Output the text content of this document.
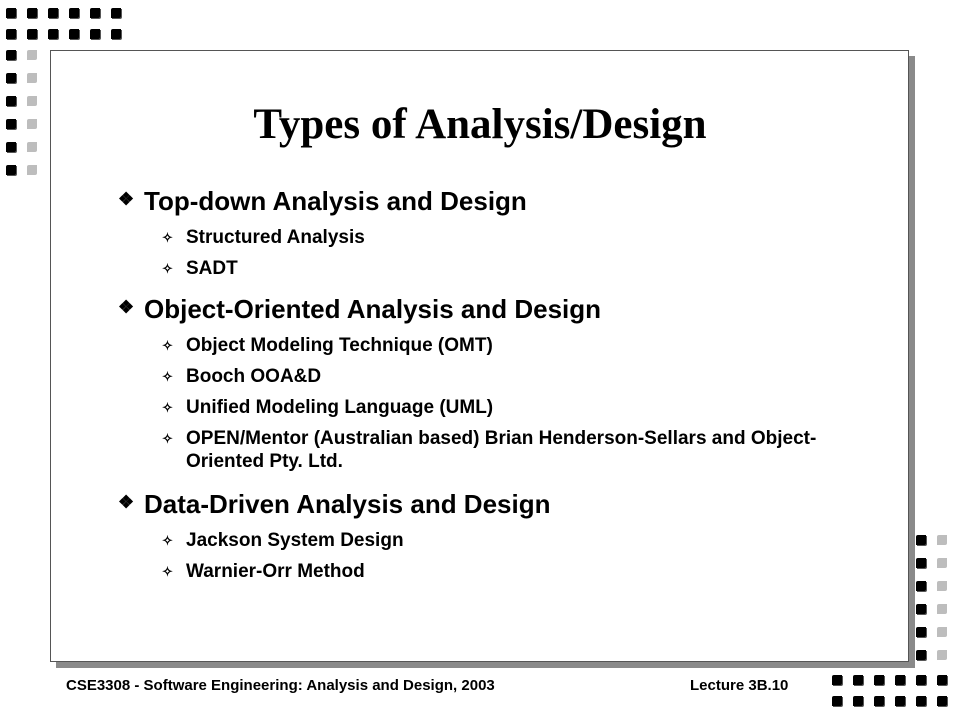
Types of Analysis/Design
❖ Top-down Analysis and Design
✧ Structured Analysis
✧ SADT
❖ Object-Oriented Analysis and Design
✧ Object Modeling Technique (OMT)
✧ Booch OOA&D
✧ Unified Modeling Language (UML)
✧ OPEN/Mentor (Australian based) Brian Henderson-Sellars and Object-Oriented Pty. Ltd.
❖ Data-Driven Analysis and Design
✧ Jackson System Design
✧ Warnier-Orr Method
CSE3308 - Software Engineering: Analysis and Design, 2003	Lecture 3B.10
